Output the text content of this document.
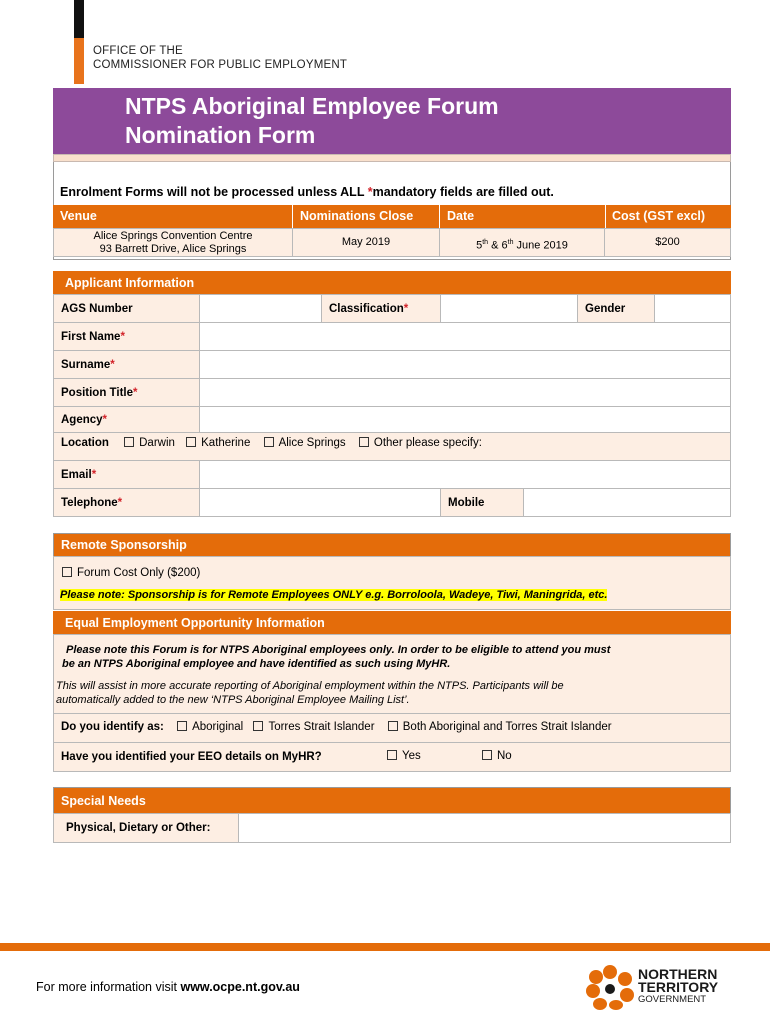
OFFICE OF THE
COMMISSIONER FOR PUBLIC EMPLOYMENT
NTPS Aboriginal Employee Forum
Nomination Form
Enrolment Forms will not be processed unless ALL *mandatory fields are filled out.
Venue	Nominations Close	Date	Cost (GST excl)
Alice Springs Convention Centre
93 Barrett Drive, Alice Springs
May 2019	5th & 6th June 2019	$200
Applicant Information
AGS Number	Classification*	Gender
First Name*
Surname*
Position Title*
Agency*
Location	Darwin Katherine Alice Springs Other please specify:
Email*
Telephone*	Mobile
Remote Sponsorship
Forum Cost Only ($200)
Please note: Sponsorship is for Remote Employees ONLY e.g. Borroloola, Wadeye, Tiwi, Maningrida, etc.
Equal Employment Opportunity Information
Please note this Forum is for NTPS Aboriginal employees only. In order to be eligible to attend you must
be an NTPS Aboriginal employee and have identified as such using MyHR.
This will assist in more accurate reporting of Aboriginal employment within the NTPS. Participants will be
automatically added to the new ‘NTPS Aboriginal Employee Mailing List’.
Do you identify as: Aboriginal Torres Strait Islander Both Aboriginal and Torres Strait Islander
Have you identified your EEO details on MyHR?	Yes	No
Special Needs
Physical, Dietary or Other:
For more information visit www.ocpe.nt.gov.au
NORTHERN
TERRITORY
GOVERNMENT
